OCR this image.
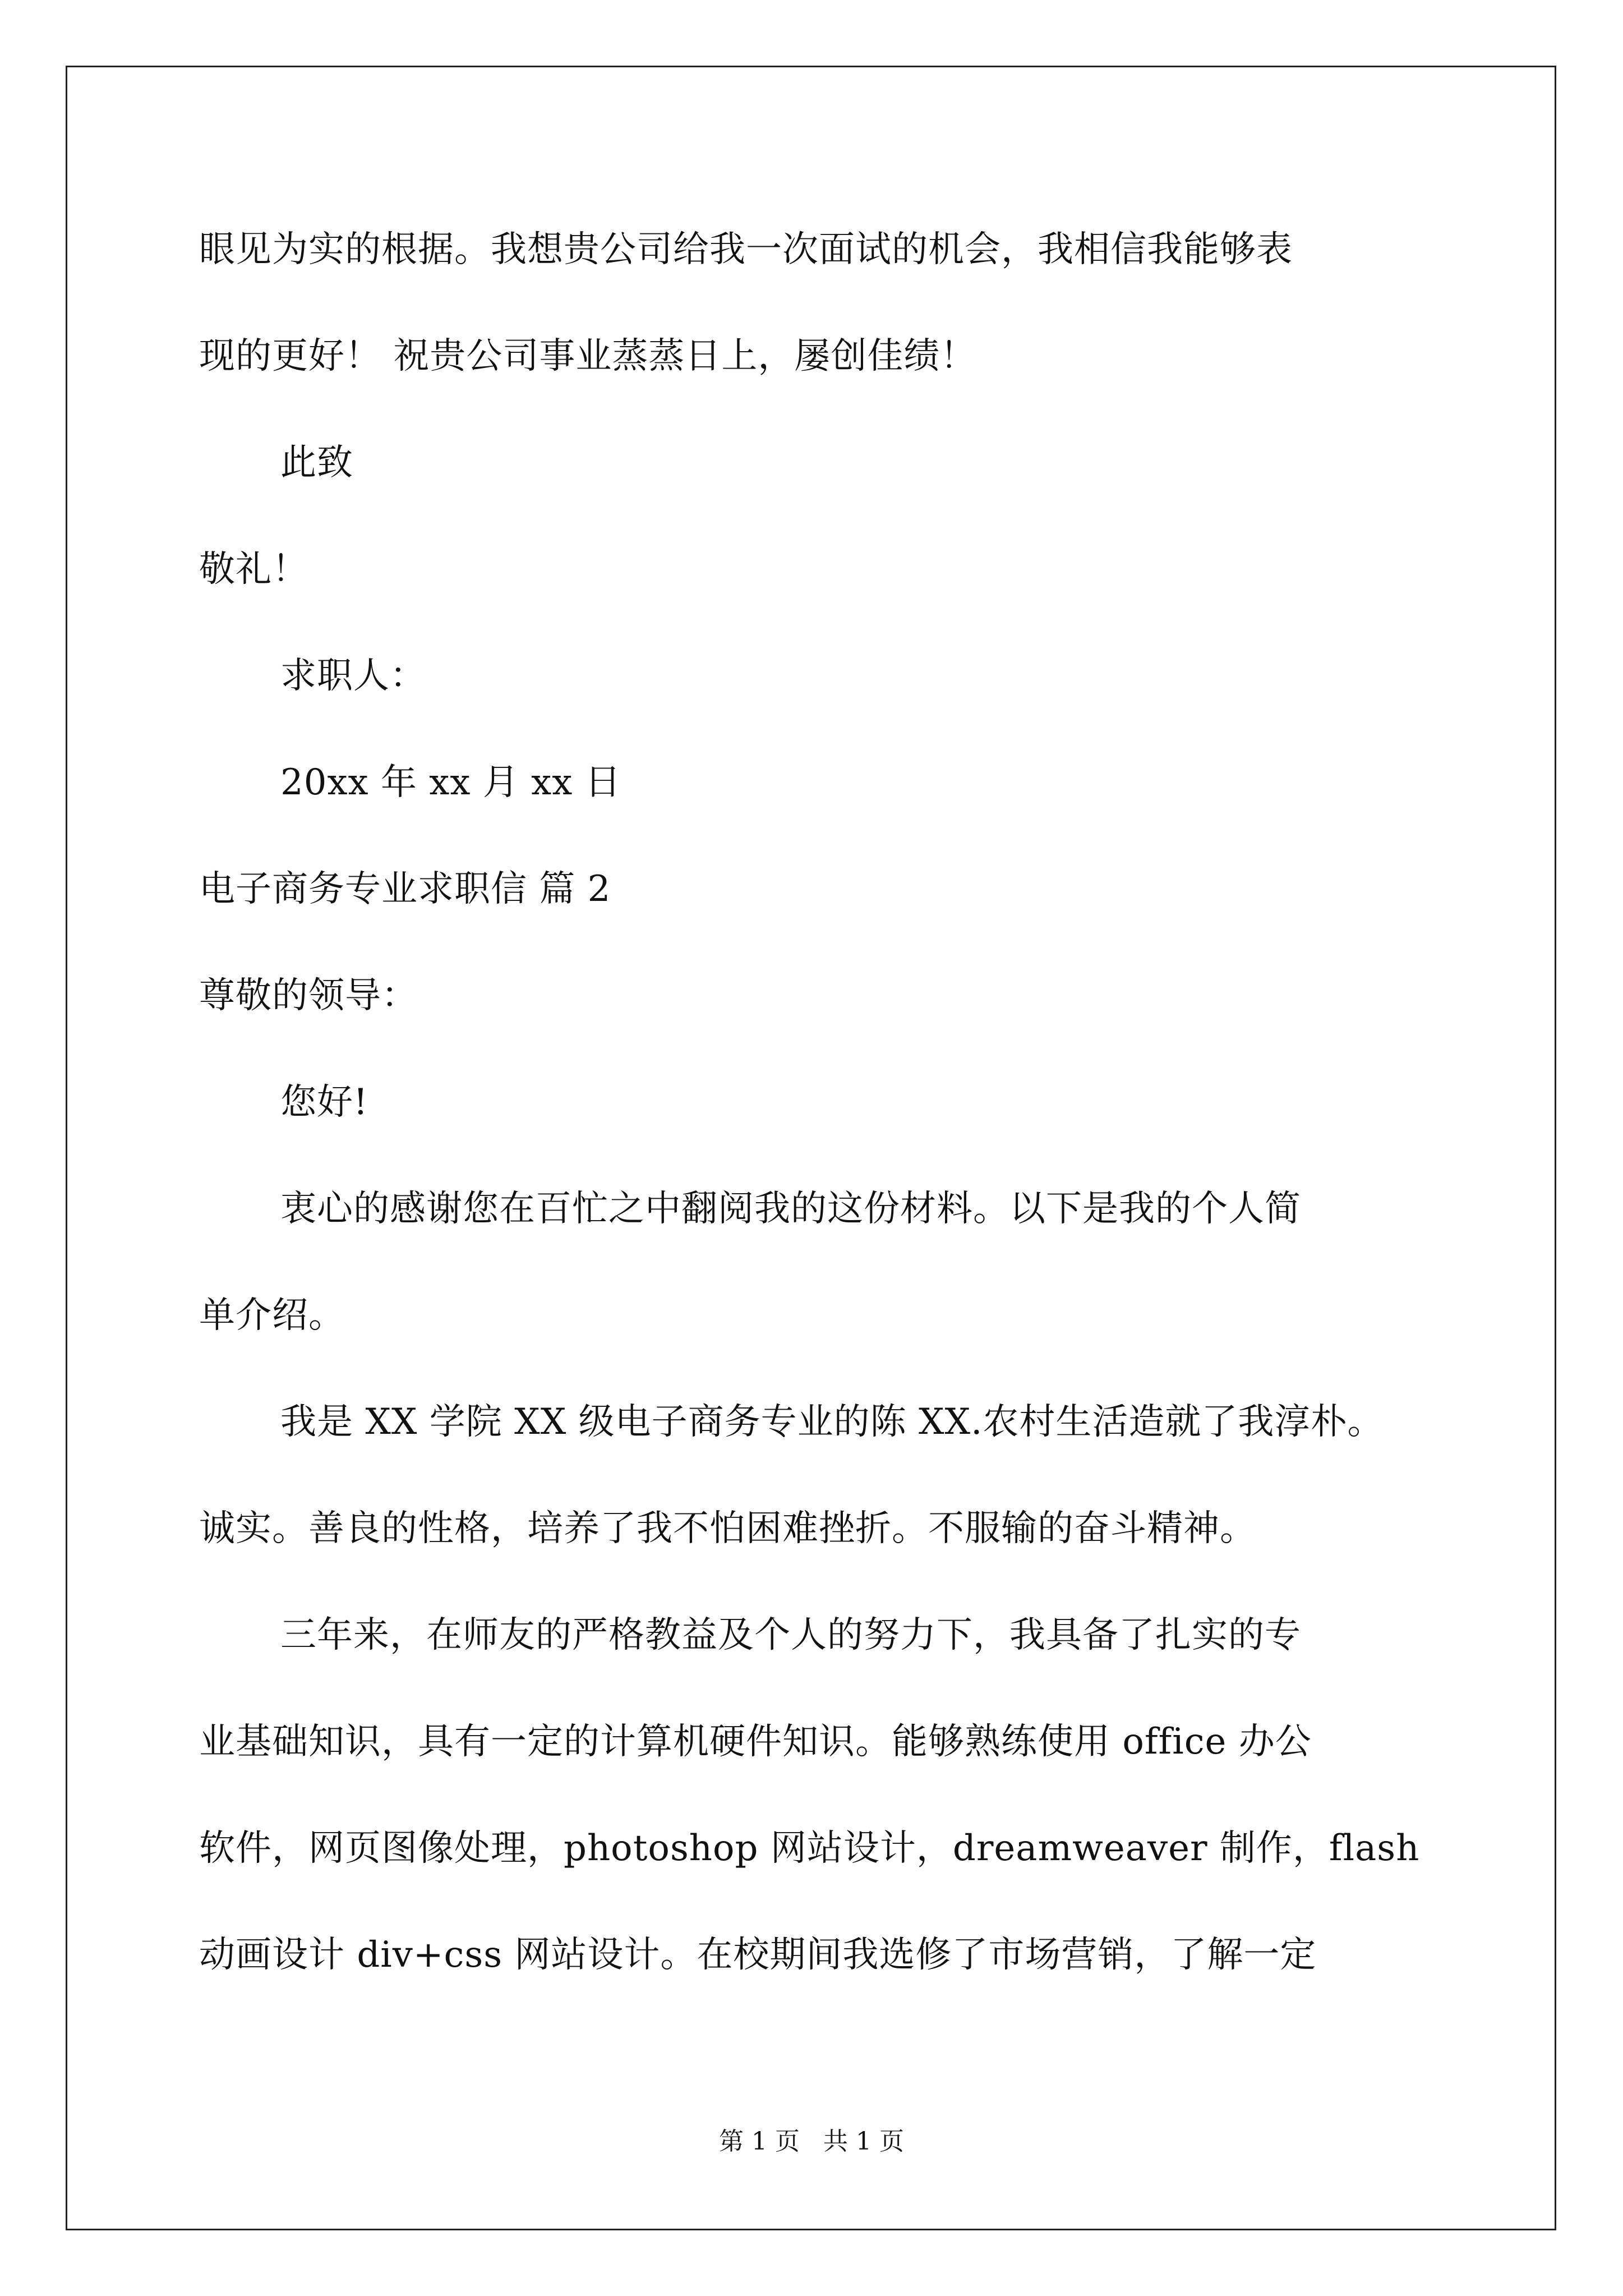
眼见为实的根据。我想贵公司给我一次面试的机会，我相信我能够表
现的更好！ 祝贵公司事业蒸蒸日上，屡创佳绩！
此致
敬礼！
求职人：
20xx 年 xx 月 xx 日
电子商务专业求职信 篇 2
尊敬的领导：
您好!
衷心的感谢您在百忙之中翻阅我的这份材料。以下是我的个人简
单介绍。
我是 XX 学院 XX 级电子商务专业的陈 XX.农村生活造就了我淳朴。
诚实。善良的性格，培养了我不怕困难挫折。不服输的奋斗精神。
三年来，在师友的严格教益及个人的努力下，我具备了扎实的专
业基础知识，具有一定的计算机硬件知识。能够熟练使用 office 办公
软件，网页图像处理，photoshop 网站设计，dreamweaver 制作，flash
动画设计 div+css 网站设计。在校期间我选修了市场营销，了解一定
第 1 页   共 1 页
